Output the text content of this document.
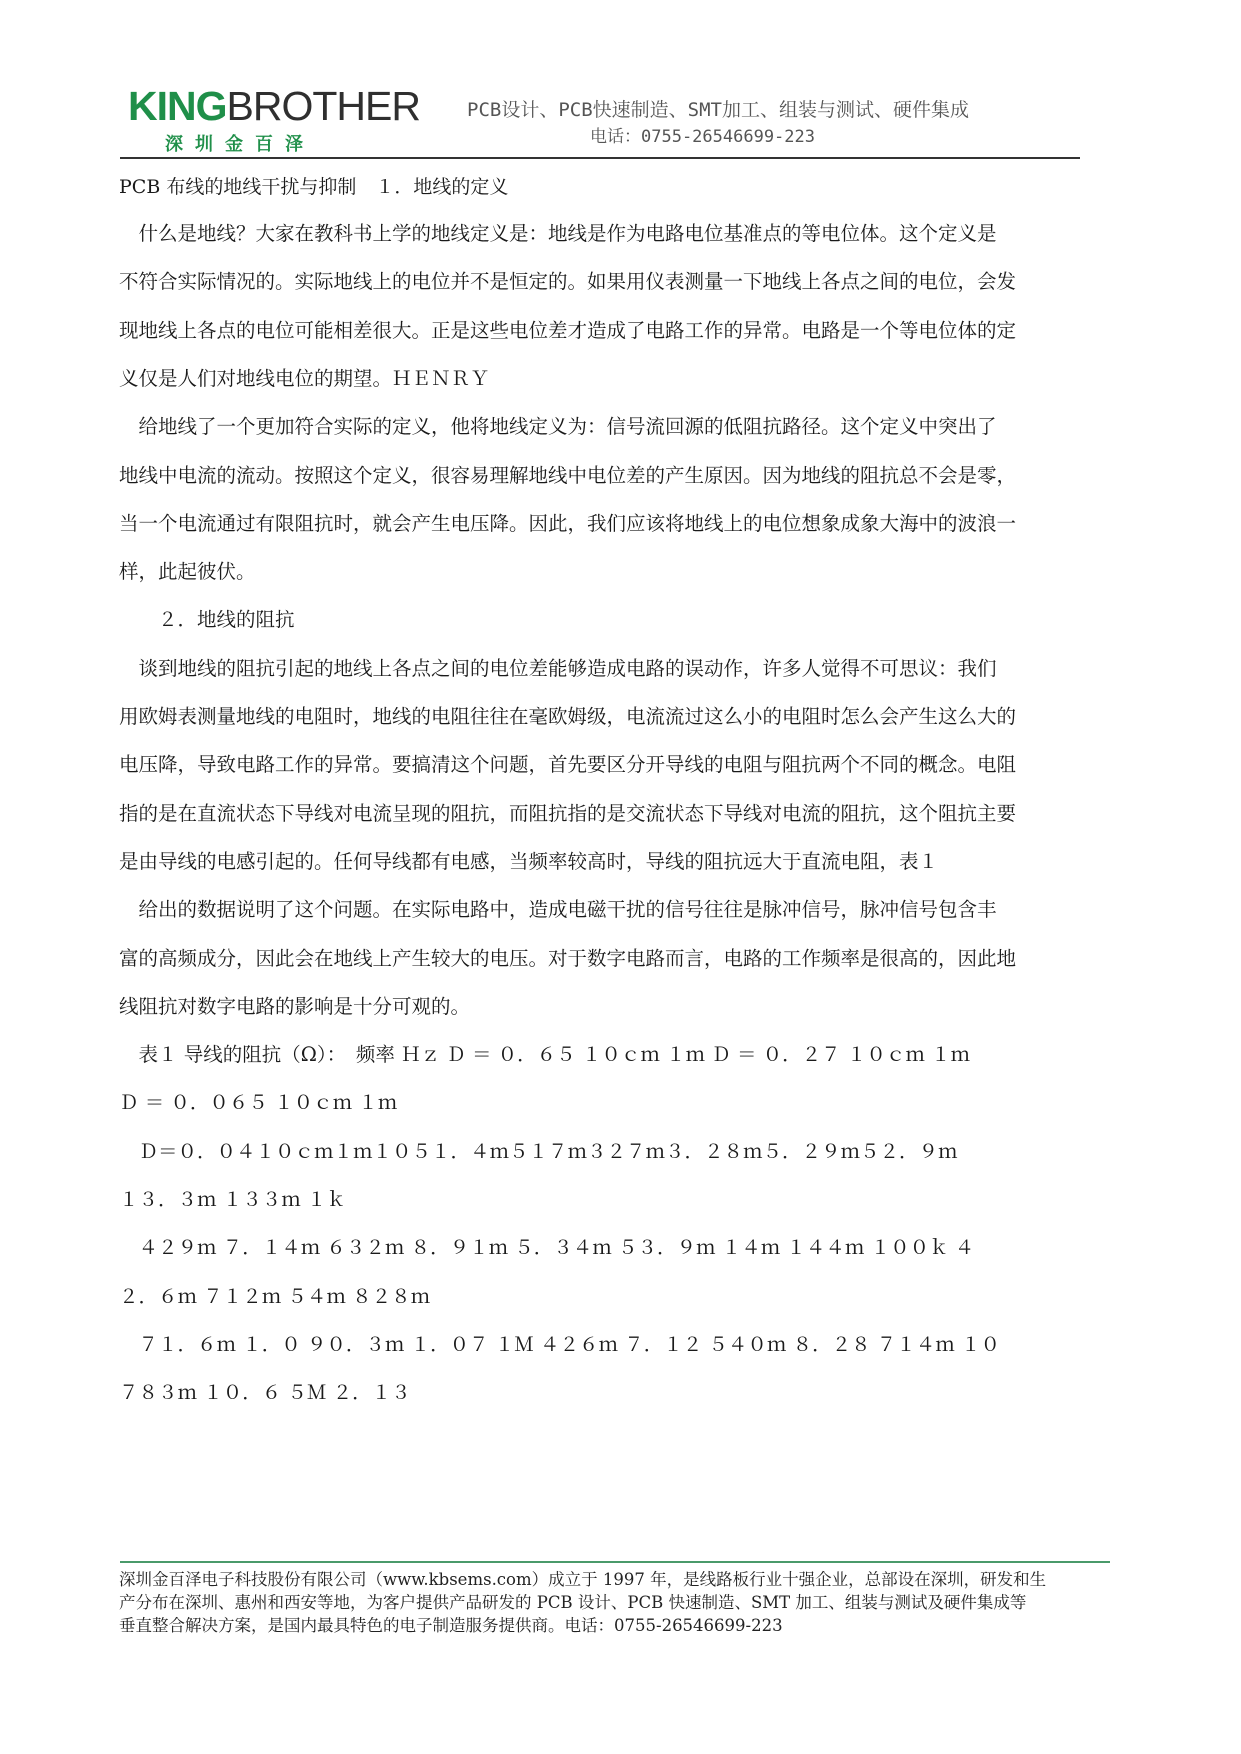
KINGBROTHER
深圳金百泽
PCB设计、PCB快速制造、SMT加工、组装与测试、硬件集成
电话：0755-26546699-223
PCB 布线的地线干扰与抑制　１．地线的定义
　什么是地线？大家在教科书上学的地线定义是：地线是作为电路电位基准点的等电位体。这个定义是
不符合实际情况的。实际地线上的电位并不是恒定的。如果用仪表测量一下地线上各点之间的电位，会发
现地线上各点的电位可能相差很大。正是这些电位差才造成了电路工作的异常。电路是一个等电位体的定
义仅是人们对地线电位的期望。ＨＥＮＲＹ
　给地线了一个更加符合实际的定义，他将地线定义为：信号流回源的低阻抗路径。这个定义中突出了
地线中电流的流动。按照这个定义，很容易理解地线中电位差的产生原因。因为地线的阻抗总不会是零，
当一个电流通过有限阻抗时，就会产生电压降。因此，我们应该将地线上的电位想象成象大海中的波浪一
样，此起彼伏。
　　２．地线的阻抗
　谈到地线的阻抗引起的地线上各点之间的电位差能够造成电路的误动作，许多人觉得不可思议：我们
用欧姆表测量地线的电阻时，地线的电阻往往在毫欧姆级，电流流过这么小的电阻时怎么会产生这么大的
电压降，导致电路工作的异常。要搞清这个问题，首先要区分开导线的电阻与阻抗两个不同的概念。电阻
指的是在直流状态下导线对电流呈现的阻抗，而阻抗指的是交流状态下导线对电流的阻抗，这个阻抗主要
是由导线的电感引起的。任何导线都有电感，当频率较高时，导线的阻抗远大于直流电阻，表１
　给出的数据说明了这个问题。在实际电路中，造成电磁干扰的信号往往是脉冲信号，脉冲信号包含丰
富的高频成分，因此会在地线上产生较大的电压。对于数字电路而言，电路的工作频率是很高的，因此地
线阻抗对数字电路的影响是十分可观的。
　表１ 导线的阻抗（Ω）：　频率 Ｈｚ Ｄ ＝ ０．６５ １０ｃｍ １ｍ Ｄ ＝ ０．２７ １０ｃｍ １ｍ
Ｄ ＝ ０．０６５ １０ｃｍ １ｍ
　Ｄ＝０．０４１０ｃｍ１ｍ１０５１．４ｍ５１７ｍ３２７ｍ３．２８ｍ５．２９ｍ５２．９ｍ
１３．３ｍ １３３ｍ １ｋ
　４２９ｍ ７．１４ｍ ６３２ｍ ８．９１ｍ ５．３４ｍ ５３．９ｍ １４ｍ １４４ｍ １００ｋ ４
２．６ｍ ７１２ｍ ５４ｍ ８２８ｍ
　７１．６ｍ １．０ ９０．３ｍ １．０７ １Ｍ ４２６ｍ ７．１２ ５４０ｍ ８．２８ ７１４ｍ １０
７８３ｍ １０．６ ５Ｍ ２．１３
深圳金百泽电子科技股份有限公司（www.kbsems.com）成立于 1997 年，是线路板行业十强企业，总部设在深圳，研发和生
产分布在深圳、惠州和西安等地，为客户提供产品研发的 PCB 设计、PCB 快速制造、SMT 加工、组装与测试及硬件集成等
垂直整合解决方案，是国内最具特色的电子制造服务提供商。电话：0755-26546699-223
